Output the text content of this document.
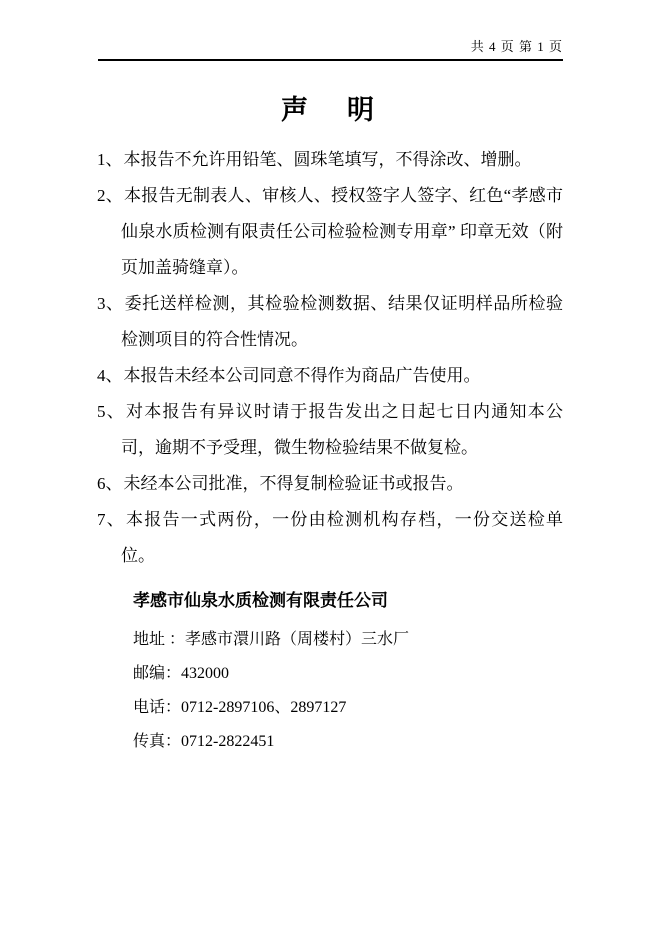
共 4 页 第 1 页
声　明
1、本报告不允许用铅笔、圆珠笔填写，不得涂改、增删。
2、本报告无制表人、审核人、授权签字人签字、红色“孝感市仙泉水质检测有限责任公司检验检测专用章” 印章无效（附页加盖骑缝章）。
3、委托送样检测，其检验检测数据、结果仅证明样品所检验检测项目的符合性情况。
4、本报告未经本公司同意不得作为商品广告使用。
5、对本报告有异议时请于报告发出之日起七日内通知本公司，逾期不予受理，微生物检验结果不做复检。
6、未经本公司批准，不得复制检验证书或报告。
7、本报告一式两份，一份由检测机构存档，一份交送检单位。
孝感市仙泉水质检测有限责任公司
地址 ：孝感市澴川路（周楼村）三水厂
邮编：432000
电话：0712-2897106、2897127
传真：0712-2822451
